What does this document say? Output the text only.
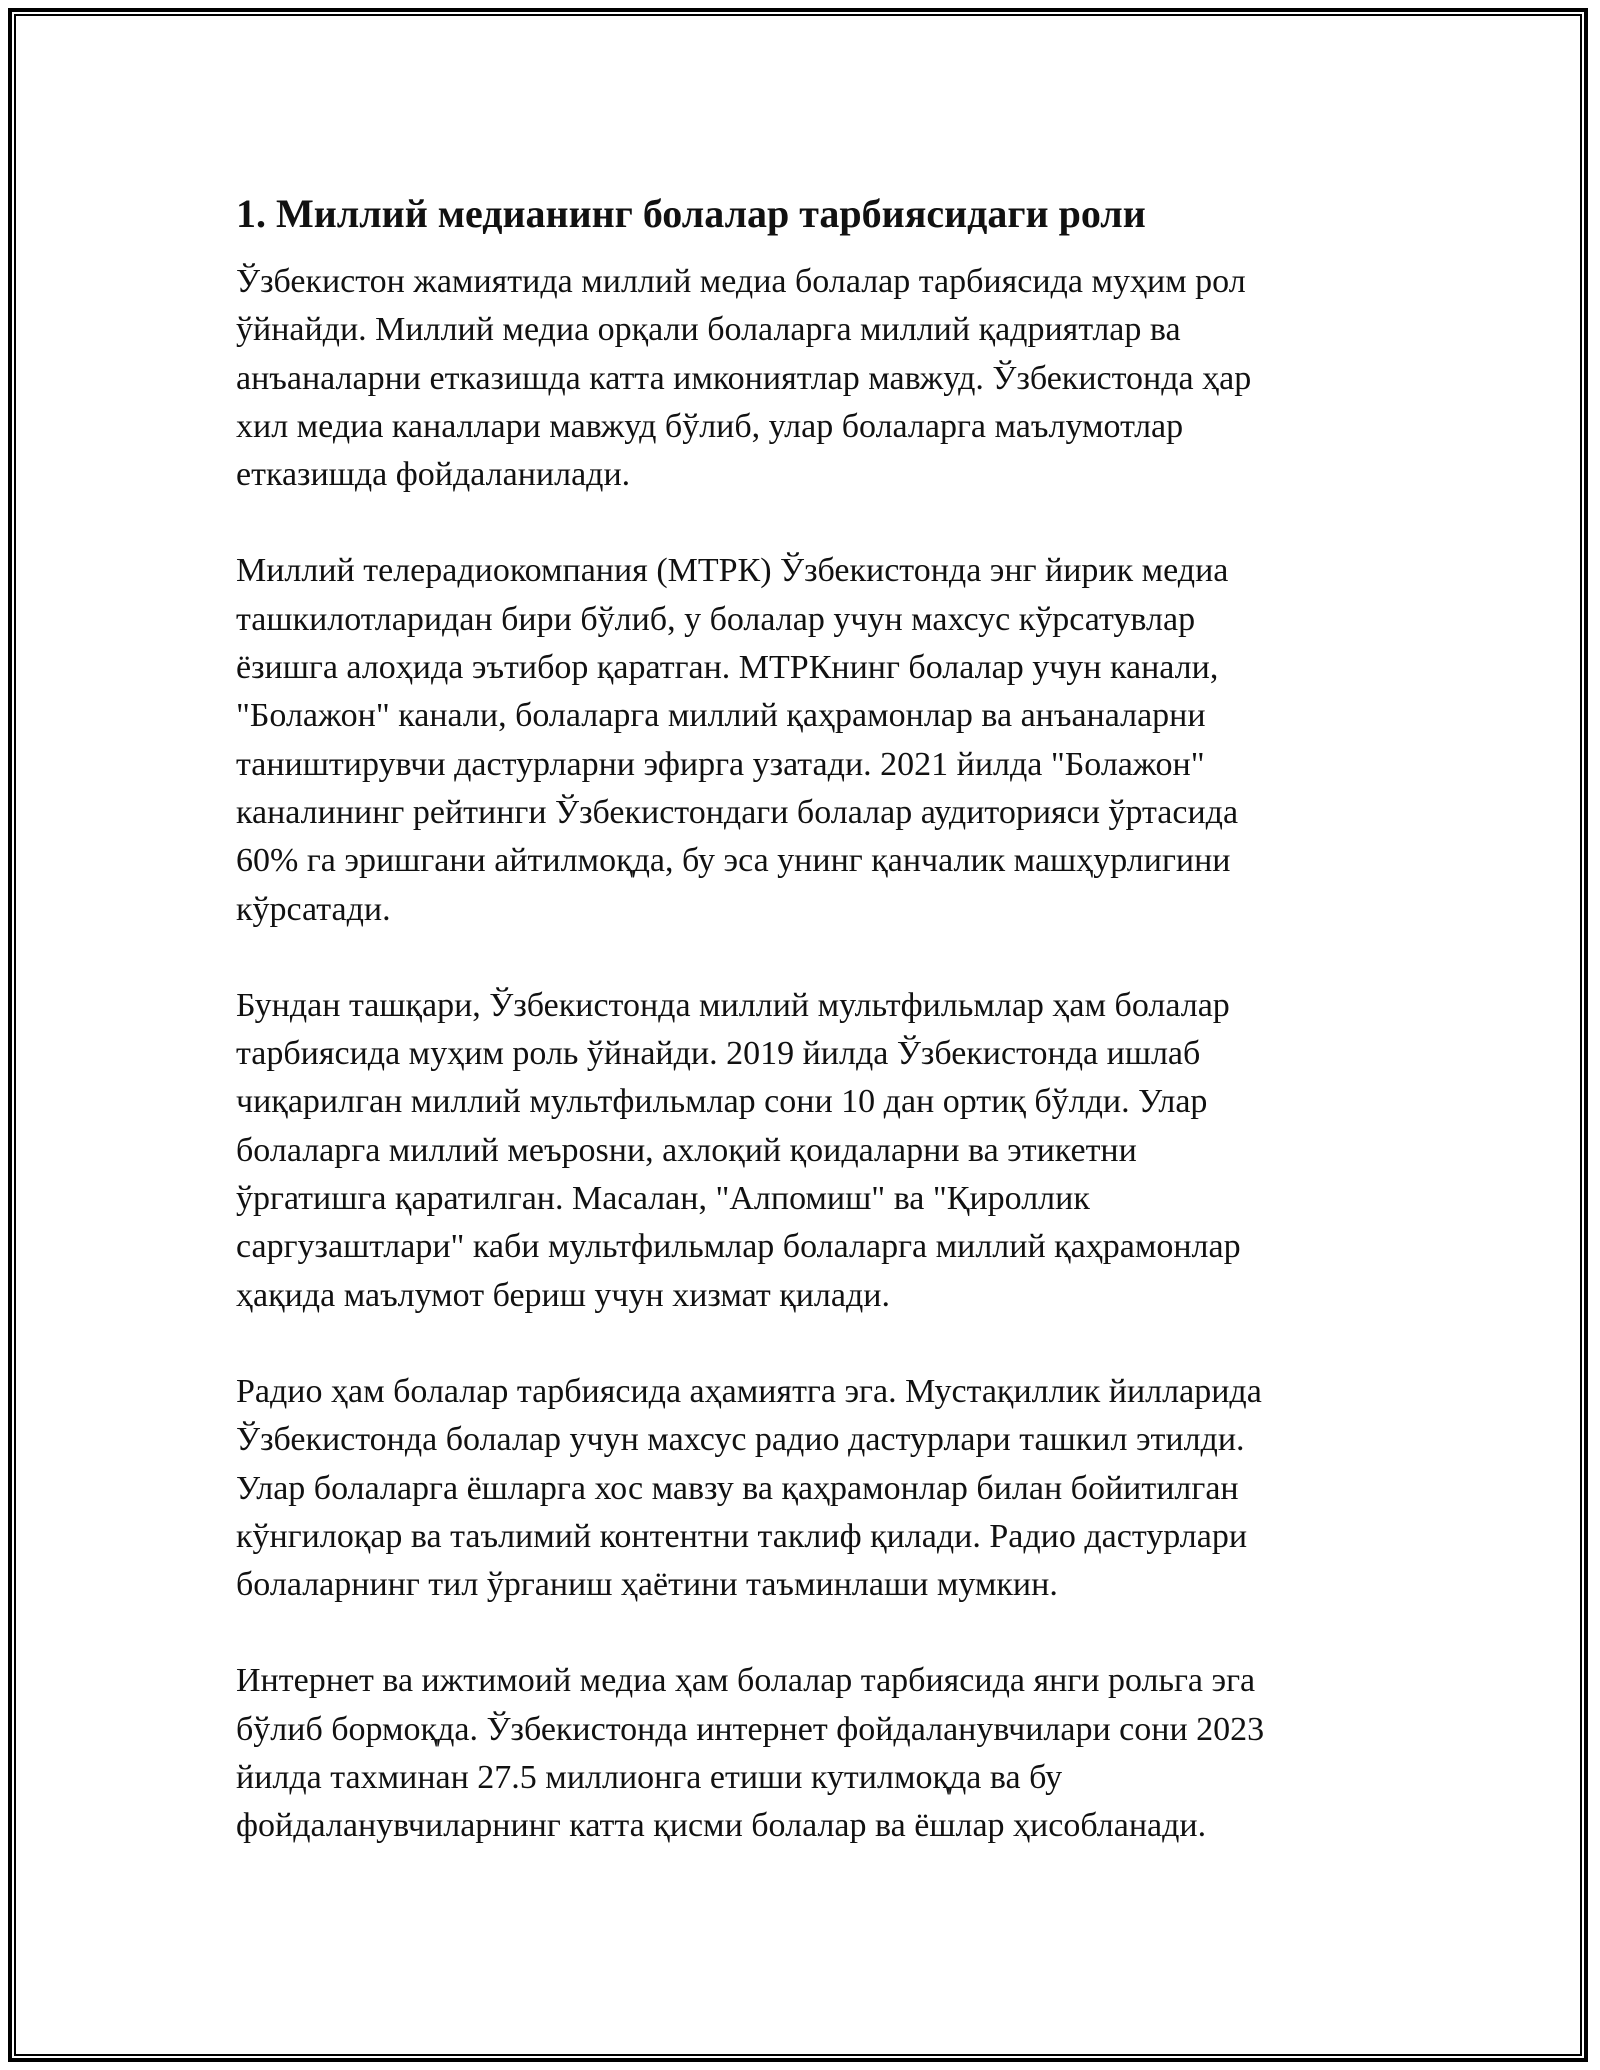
1. Миллий медианинг болалар тарбиясидаги роли

Ўзбекистон жамиятида миллий медиа болалар тарбиясида муҳим рол
ўйнайди. Миллий медиа орқали болаларга миллий қадриятлар ва
анъаналарни етказишда катта имкониятлар мавжуд. Ўзбекистонда ҳар
хил медиа каналлари мавжуд бўлиб, улар болаларга маълумотлар
етказишда фойдаланилади.

Миллий телерадиокомпания (МТРК) Ўзбекистонда энг йирик медиа
ташкилотларидан бири бўлиб, у болалар учун махсус кўрсатувлар
ёзишга алоҳида эътибор қаратган. МТРКнинг болалар учун канали,
"Болажон" канали, болаларга миллий қаҳрамонлар ва анъаналарни
таништирувчи дастурларни эфирга узатади. 2021 йилда "Болажон"
каналининг рейтинги Ўзбекистондаги болалар аудиторияси ўртасида
60% га эришгани айтилмоқда, бу эса унинг қанчалик машҳурлигини
кўрсатади.

Бундан ташқари, Ўзбекистонда миллий мультфильмлар ҳам болалар
тарбиясида муҳим роль ўйнайди. 2019 йилда Ўзбекистонда ишлаб
чиқарилган миллий мультфильмлар сони 10 дан ортиқ бўлди. Улар
болаларга миллий меърosни, ахлоқий қоидаларни ва этикетни
ўргатишга қаратилган. Масалан, "Алпомиш" ва "Қироллик
саргузаштлари" каби мультфильмлар болаларга миллий қаҳрамонлар
ҳақида маълумот бериш учун хизмат қилади.

Радио ҳам болалар тарбиясида аҳамиятга эга. Мустақиллик йилларида
Ўзбекистонда болалар учун махсус радио дастурлари ташкил этилди.
Улар болаларга ёшларга хос мавзу ва қаҳрамонлар билан бойитилган
кўнгилоқар ва таълимий контентни таклиф қилади. Радио дастурлари
болаларнинг тил ўрганиш ҳаётини таъминлаши мумкин.

Интернет ва ижтимоий медиа ҳам болалар тарбиясида янги рольга эга
бўлиб бормоқда. Ўзбекистонда интернет фойдаланувчилари сони 2023
йилда тахминан 27.5 миллионга етиши кутилмоқда ва бу
фойдаланувчиларнинг катта қисми болалар ва ёшлар ҳисобланади.
